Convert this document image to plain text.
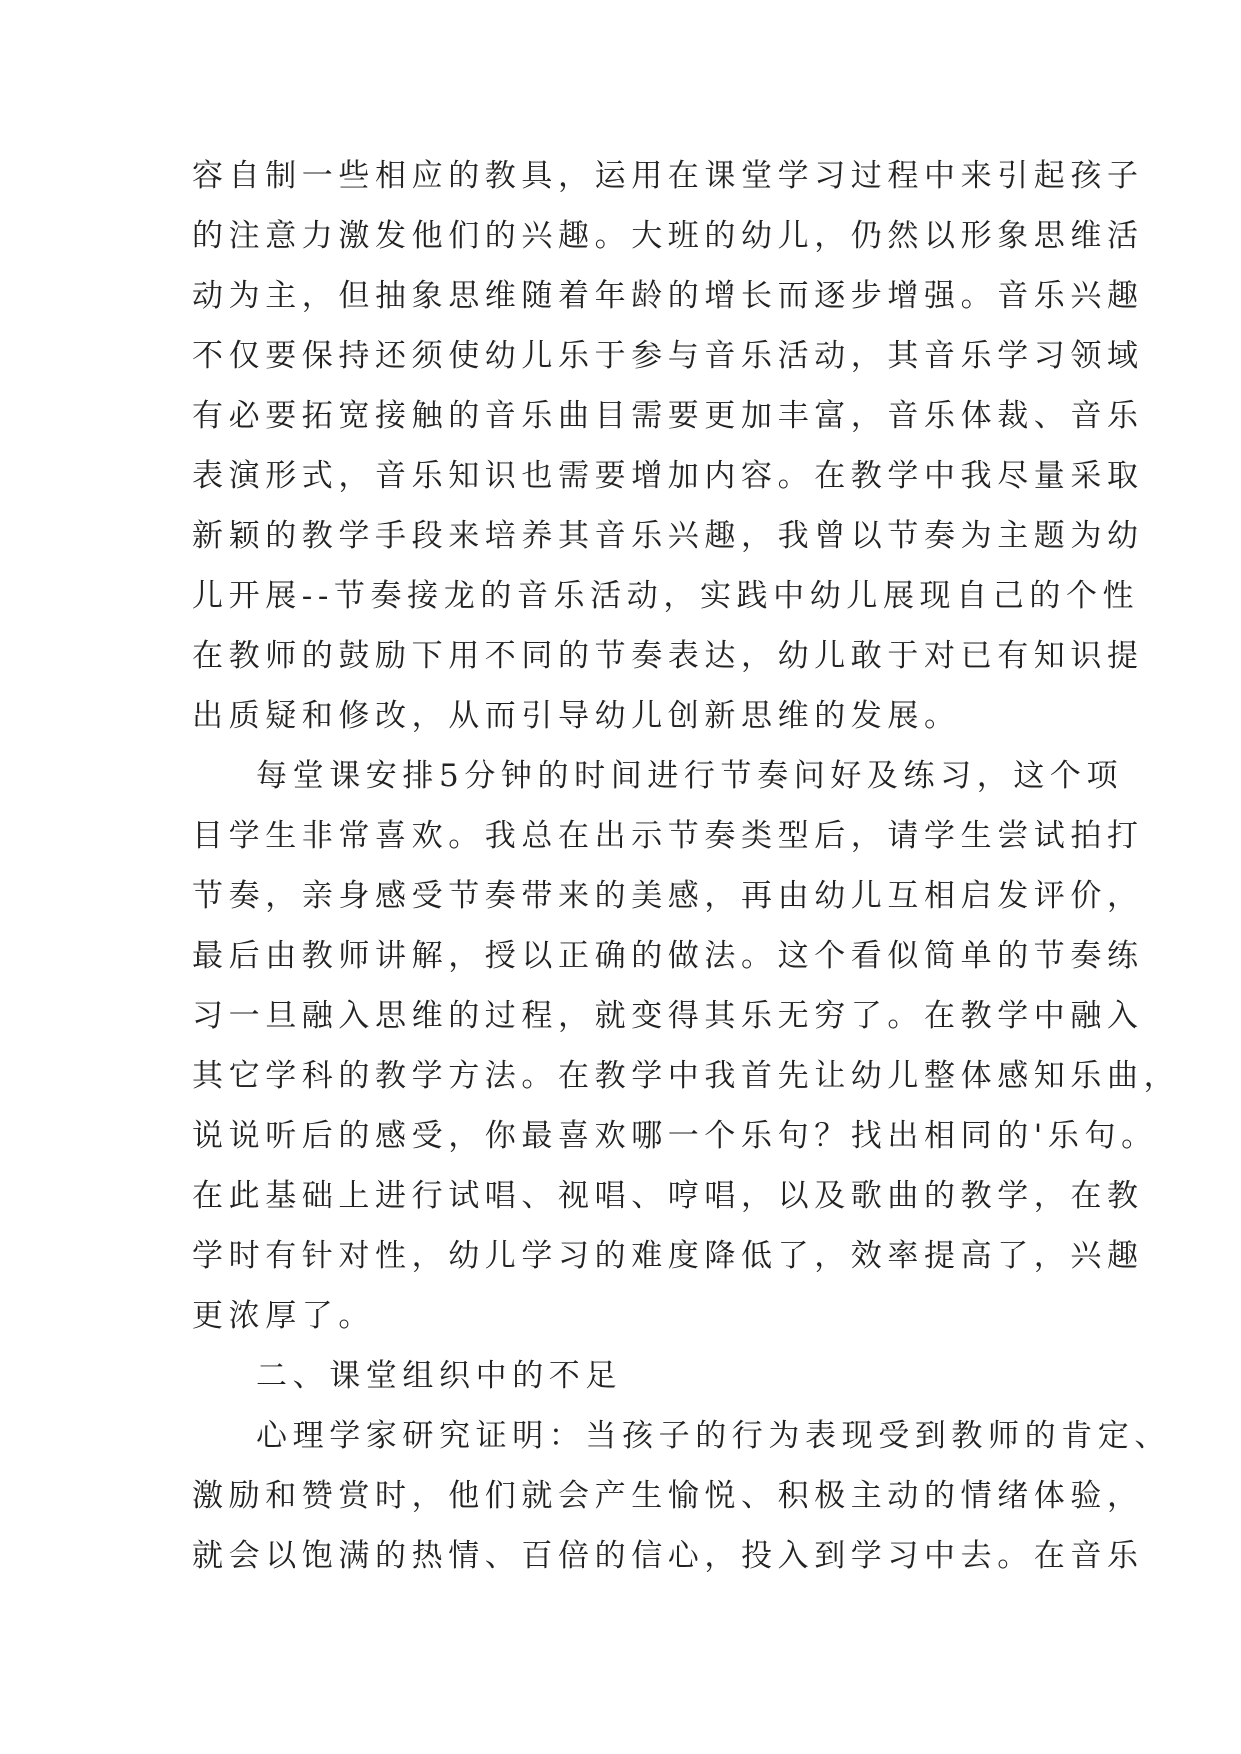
容自制一些相应的教具，运用在课堂学习过程中来引起孩子
的注意力激发他们的兴趣。大班的幼儿，仍然以形象思维活
动为主，但抽象思维随着年龄的增长而逐步增强。音乐兴趣
不仅要保持还须使幼儿乐于参与音乐活动，其音乐学习领域
有必要拓宽接触的音乐曲目需要更加丰富，音乐体裁、音乐
表演形式，音乐知识也需要增加内容。在教学中我尽量采取
新颖的教学手段来培养其音乐兴趣，我曾以节奏为主题为幼
儿开展--节奏接龙的音乐活动，实践中幼儿展现自己的个性
在教师的鼓励下用不同的节奏表达，幼儿敢于对已有知识提
出质疑和修改，从而引导幼儿创新思维的发展。
每堂课安排5分钟的时间进行节奏问好及练习，这个项
目学生非常喜欢。我总在出示节奏类型后，请学生尝试拍打
节奏，亲身感受节奏带来的美感，再由幼儿互相启发评价，
最后由教师讲解，授以正确的做法。这个看似简单的节奏练
习一旦融入思维的过程，就变得其乐无穷了。在教学中融入
其它学科的教学方法。在教学中我首先让幼儿整体感知乐曲，
说说听后的感受，你最喜欢哪一个乐句？找出相同的'乐句。
在此基础上进行试唱、视唱、哼唱，以及歌曲的教学，在教
学时有针对性，幼儿学习的难度降低了，效率提高了，兴趣
更浓厚了。
二、课堂组织中的不足
心理学家研究证明：当孩子的行为表现受到教师的肯定、
激励和赞赏时，他们就会产生愉悦、积极主动的情绪体验，
就会以饱满的热情、百倍的信心，投入到学习中去。在音乐
